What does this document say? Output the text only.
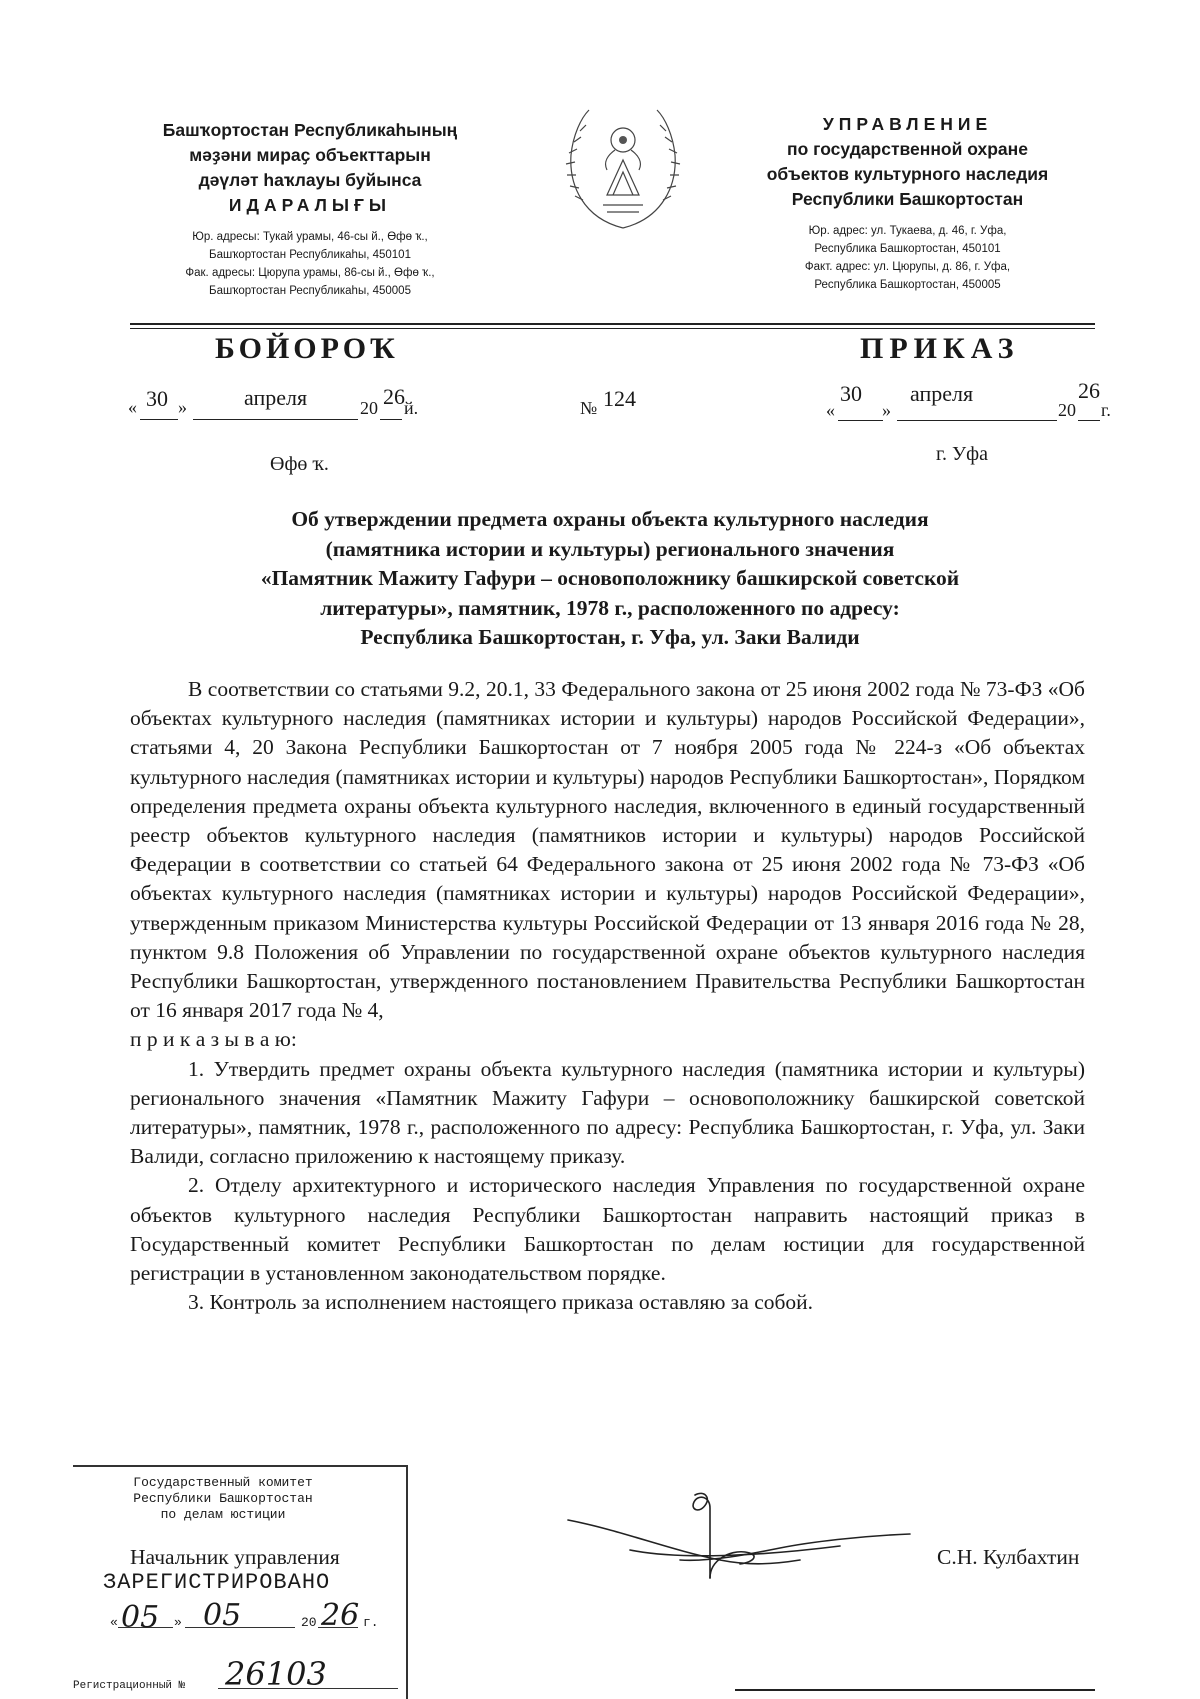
Башҡортостан Республикаһының
мәҙәни мираҫ объекттарын
дәүләт һаҡлауы буйынса
ИДАРАЛЫҒЫ
Юр. адресы: Тукай урамы, 46-сы й., Өфө ҡ.,
Башҡортостан Республикаһы, 450101
Фак. адресы: Цюрупа урамы, 86-сы й., Өфө ҡ.,
Башҡортостан Республикаһы, 450005
УПРАВЛЕНИЕ
по государственной охране
объектов культурного наследия
Республики Башкортостан
Юр. адрес: ул. Тукаева, д. 46, г. Уфа,
Республика Башкортостан, 450101
Факт. адрес: ул. Цюрупы, д. 86, г. Уфа,
Республика Башкортостан, 450005
БОЙОРОҠ	ПРИКАЗ
« 30 »	апреля	20 26 й.	№ 124	«
30
»
апреля
20
26
г.
Өфө ҡ.	г. Уфа
Об утверждении предмета охраны объекта культурного наследия
(памятника истории и культуры) регионального значения
«Памятник Мажиту Гафури – основоположнику башкирской советской
литературы», памятник, 1978 г., расположенного по адресу:
Республика Башкортостан, г. Уфа, ул. Заки Валиди

В соответствии со статьями 9.2, 20.1, 33 Федерального закона от 25 июня 2002 года № 73-ФЗ «Об объектах культурного наследия (памятниках истории и культуры) народов Российской Федерации», статьями 4, 20 Закона Республики Башкортостан от 7 ноября 2005 года № 224-з «Об объектах культурного наследия (памятниках истории и культуры) народов Республики Башкортостан», Порядком определения предмета охраны объекта культурного наследия, включенного в единый государственный реестр объектов культурного наследия (памятников истории и культуры) народов Российской Федерации в соответствии со статьей 64 Федерального закона от 25 июня 2002 года № 73-ФЗ «Об объектах культурного наследия (памятниках истории и культуры) народов Российской Федерации», утвержденным приказом Министерства культуры Российской Федерации от 13 января 2016 года № 28, пунктом 9.8 Положения об Управлении по государственной охране объектов культурного наследия Республики Башкортостан, утвержденного постановлением Правительства Республики Башкортостан от 16 января 2017 года № 4,

п р и к а з ы в а ю:

1. Утвердить предмет охраны объекта культурного наследия (памятника истории и культуры) регионального значения «Памятник Мажиту Гафури – основоположнику башкирской советской литературы», памятник, 1978 г., расположенного по адресу: Республика Башкортостан, г. Уфа, ул. Заки Валиди, согласно приложению к настоящему приказу.

2. Отделу архитектурного и исторического наследия Управления по государственной охране объектов культурного наследия Республики Башкортостан направить настоящий приказ в Государственный комитет Республики Башкортостан по делам юстиции для государственной регистрации в установленном законодательством порядке.

3. Контроль за исполнением настоящего приказа оставляю за собой.

Начальник управления	С.Н. Кулбахтин
Государственный комитет
Республики Башкортостан
по делам юстиции
ЗАРЕГИСТРИРОВАНО
« 05 » 05	20 26 г.
Регистрационный № 26103
